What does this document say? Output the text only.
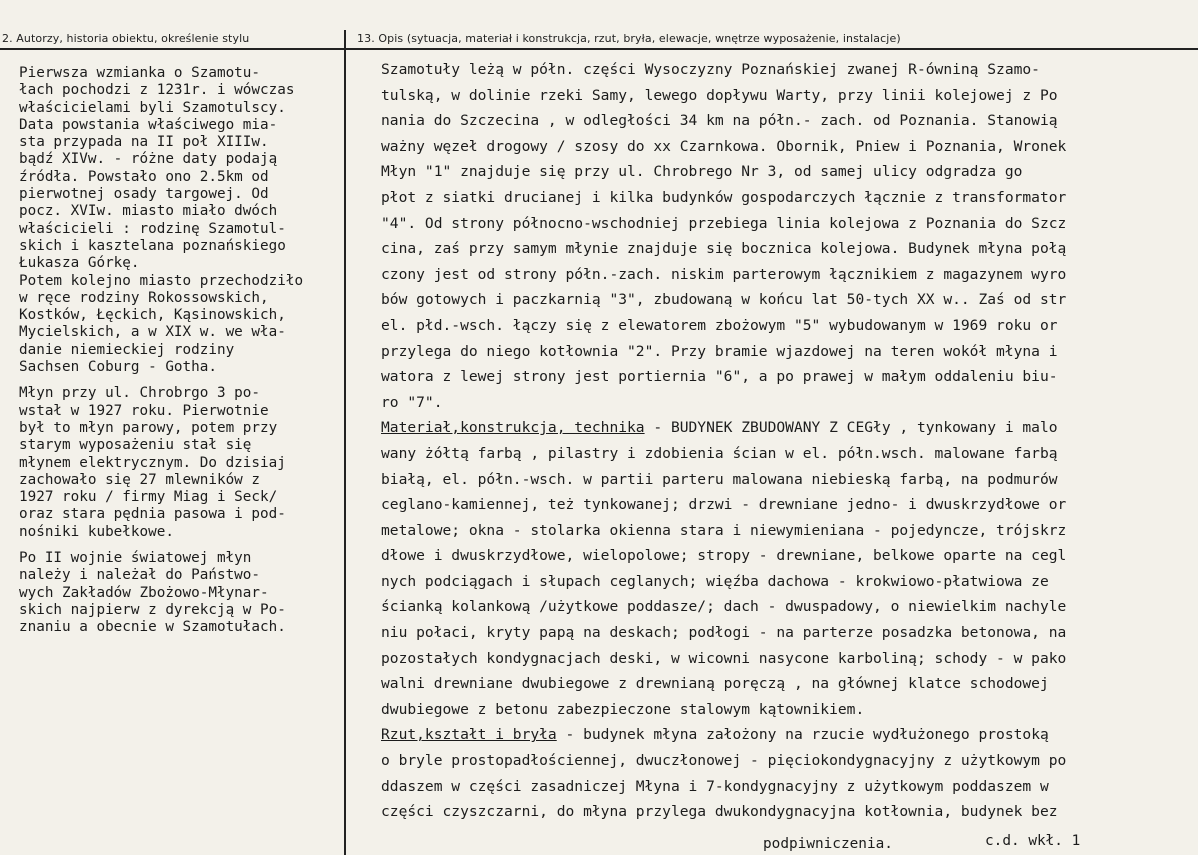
2. Autorzy, historia obiektu, określenie stylu	13. Opis (sytuacja, materiał i konstrukcja, rzut, bryła, elewacje, wnętrze wyposażenie, instalacje)
Pierwsza wzmianka o Szamotu-
łach pochodzi z 1231r. i wówczas
właścicielami byli Szamotulscy.
Data powstania właściwego mia-
sta przypada na II poł XIIIw.
bądź XIVw. - różne daty podają
źródła. Powstało ono 2.5km od
pierwotnej osady targowej. Od
pocz. XVIw. miasto miało dwóch
właścicieli : rodzinę Szamotul-
skich i kasztelana poznańskiego
Łukasza Górkę.
Potem kolejno miasto przechodziło
w ręce rodziny Rokossowskich,
Kostków, Łęckich, Kąsinowskich,
Mycielskich, a w XIX w. we wła-
danie niemieckiej rodziny
Sachsen Coburg - Gotha.
Młyn przy ul. Chrobrgo 3 po-
wstał w 1927 roku. Pierwotnie
był to młyn parowy, potem przy
starym wyposażeniu stał się
młynem elektrycznym. Do dzisiaj
zachowało się 27 mlewników z
1927 roku / firmy Miag i Seck/
oraz stara pędnia pasowa i pod-
nośniki kubełkowe.
Po II wojnie światowej młyn
należy i należał do Państwo-
wych Zakładów Zbożowo-Młynar-
skich najpierw z dyrekcją w Po-
znaniu a obecnie w Szamotułach.
Szamotuły leżą w półn. części Wysoczyzny Poznańskiej zwanej R-ówniną Szamo-
tulską, w dolinie rzeki Samy, lewego dopływu Warty, przy linii kolejowej z Po
nania do Szczecina , w odległości 34 km na półn.- zach. od Poznania. Stanowią
ważny węzeł drogowy / szosy do xx Czarnkowa. Obornik, Pniew i Poznania, Wronek
Młyn "1" znajduje się przy ul. Chrobrego Nr 3, od samej ulicy odgradza go
płot z siatki drucianej i kilka budynków gospodarczych łącznie z transformator
"4". Od strony północno-wschodniej przebiega linia kolejowa z Poznania do Szcz
cina, zaś przy samym młynie znajduje się bocznica kolejowa. Budynek młyna połą
czony jest od strony półn.-zach. niskim parterowym łącznikiem z magazynem wyro
bów gotowych i paczkarnią "3", zbudowaną w końcu lat 50-tych XX w.. Zaś od str
el. płd.-wsch. łączy się z elewatorem zbożowym "5" wybudowanym w 1969 roku or
przylega do niego kotłownia "2". Przy bramie wjazdowej na teren wokół młyna i
watora z lewej strony jest portiernia "6", a po prawej w małym oddaleniu biu-
ro "7".
Materiał,konstrukcja, technika - BUDYNEK ZBUDOWANY Z CEGły , tynkowany i malo
wany żółtą farbą , pilastry i zdobienia ścian w el. półn.wsch. malowane farbą
białą, el. półn.-wsch. w partii parteru malowana niebieską farbą, na podmurów
ceglano-kamiennej, też tynkowanej; drzwi - drewniane jedno- i dwuskrzydłowe or
metalowe; okna - stolarka okienna stara i niewymieniana - pojedyncze, trójskrz
dłowe i dwuskrzydłowe, wielopolowe; stropy - drewniane, belkowe oparte na cegl
nych podciągach i słupach ceglanych; więźba dachowa - krokwiowo-płatwiowa ze
ścianką kolankową /użytkowe poddasze/; dach - dwuspadowy, o niewielkim nachyle
niu połaci, kryty papą na deskach; podłogi - na parterze posadzka betonowa, na
pozostałych kondygnacjach deski, w wicowni nasycone karboliną; schody - w pako
walni drewniane dwubiegowe z drewnianą poręczą , na głównej klatce schodowej
dwubiegowe z betonu zabezpieczone stalowym kątownikiem.
Rzut,kształt i bryła - budynek młyna założony na rzucie wydłużonego prostoką
o bryle prostopadłościennej, dwuczłonowej - pięciokondygnacyjny z użytkowym po
ddaszem w części zasadniczej Młyna i 7-kondygnacyjny z użytkowym poddaszem w
części czyszczarni, do młyna przylega dwukondygnacyjna kotłownia, budynek bez
podpiwniczenia.	c.d. wkł. 1
